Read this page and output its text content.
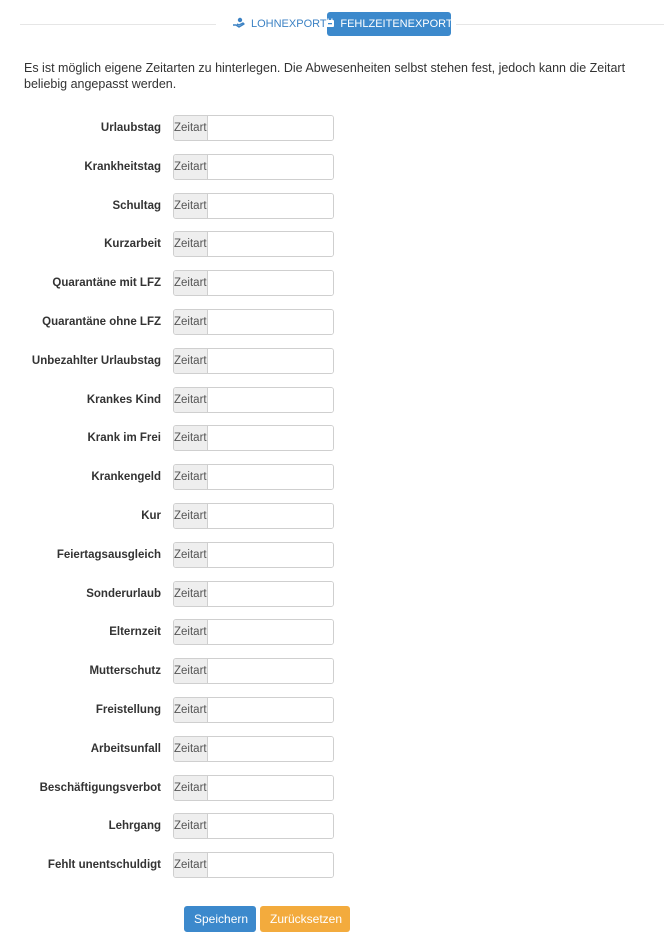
LOHNEXPORT FEHLZEITENEXPORT

Es ist möglich eigene Zeitarten zu hinterlegen. Die Abwesenheiten selbst stehen fest, jedoch kann die Zeitart beliebig angepasst werden.

Urlaubstag Zeitart
Krankheitstag Zeitart
Schultag Zeitart
Kurzarbeit Zeitart
Quarantäne mit LFZ Zeitart
Quarantäne ohne LFZ Zeitart
Unbezahlter Urlaubstag Zeitart
Krankes Kind Zeitart
Krank im Frei Zeitart
Krankengeld Zeitart
Kur Zeitart
Feiertagsausgleich Zeitart
Sonderurlaub Zeitart
Elternzeit Zeitart
Mutterschutz Zeitart
Freistellung Zeitart
Arbeitsunfall Zeitart
Beschäftigungsverbot Zeitart
Lehrgang Zeitart
Fehlt unentschuldigt Zeitart
Speichern	Zurücksetzen
